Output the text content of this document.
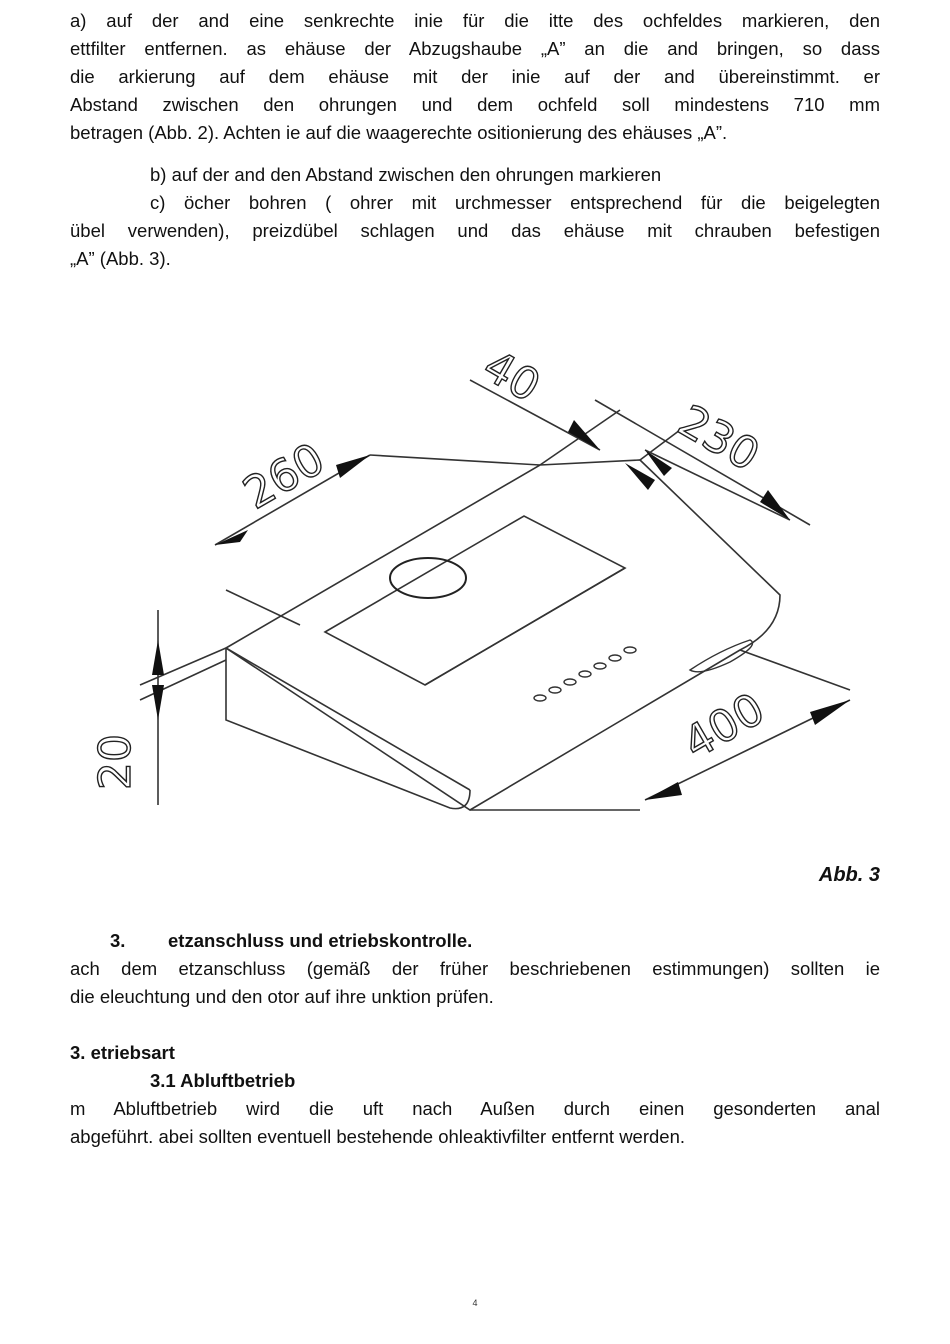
a) auf der and eine senkrechte inie für die itte des ochfeldes markieren, den
ettfilter entfernen. as ehäuse der Abzugshaube „A” an die and bringen, so dass
die arkierung auf dem ehäuse mit der inie auf der and übereinstimmt. er
Abstand zwischen den ohrungen und dem ochfeld soll mindestens 710 mm
betragen (Abb. 2). Achten ie auf die waagerechte ositionierung des ehäuses „A”.
b) auf der and den Abstand zwischen den ohrungen markieren
c) öcher bohren ( ohrer mit urchmesser entsprechend für die beigelegten
übel verwenden), preizdübel schlagen und das ehäuse mit chrauben befestigen
„A” (Abb. 3).
40
230
260
400
20
Abb. 3
3.	etzanschluss und etriebskontrolle.
ach dem etzanschluss (gemäß der früher beschriebenen estimmungen) sollten ie
die eleuchtung und den otor auf ihre unktion prüfen.
3. etriebsart
3.1 Abluftbetrieb
m Abluftbetrieb wird die uft nach Außen durch einen gesonderten anal
abgeführt. abei sollten eventuell bestehende ohleaktivfilter entfernt werden.
4
